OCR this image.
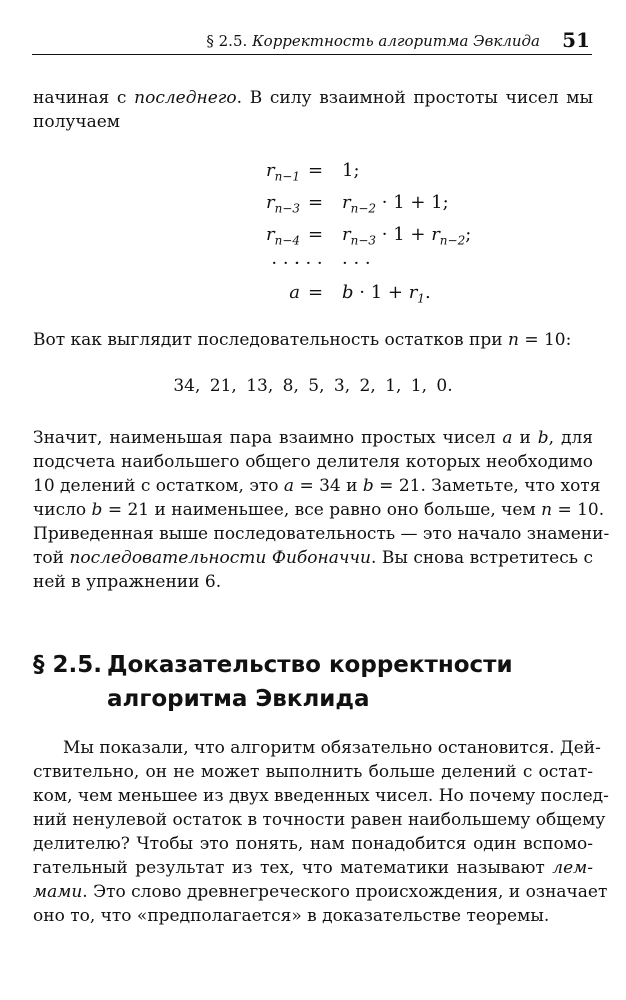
§ 2.5. Корректность алгоритма Эвклида 51

начиная с последнего. В силу взаимной простоты чисел мы
получаем

$r_{n-1} = 1$;
$r_{n-3} = r_{n-2} \cdot 1 + 1$;
$r_{n-4} = r_{n-3} \cdot 1 + r_{n-2}$;
· · ·
· · · · · ·
$a = b \cdot 1 + r_1$.

Вот как выглядит последовательность остатков при n = 10:

34, 21, 13, 8, 5, 3, 2, 1, 1, 0.

Значит, наименьшая пара взаимно простых чисел a и b, для
подсчета наибольшего общего делителя которых необходимо
10 делений с остатком, это a = 34 и b = 21. Заметьте, что хотя
число b = 21 и наименьшее, все равно оно больше, чем n = 10.
Приведенная выше последовательность — это начало знамени-
той последовательности Фибоначчи. Вы снова встретитесь с
ней в упражнении 6.

§ 2.5. Доказательство корректности
алгоритма Эвклида

Мы показали, что алгоритм обязательно остановится. Дей-
ствительно, он не может выполнить больше делений с остат-
ком, чем меньшее из двух введенных чисел. Но почему послед-
ний ненулевой остаток в точности равен наибольшему общему
делителю? Чтобы это понять, нам понадобится один вспомо-
гательный результат из тех, что математики называют лем-
мами. Это слово древнегреческого происхождения, и означает
оно то, что «предполагается» в доказательстве теоремы.
